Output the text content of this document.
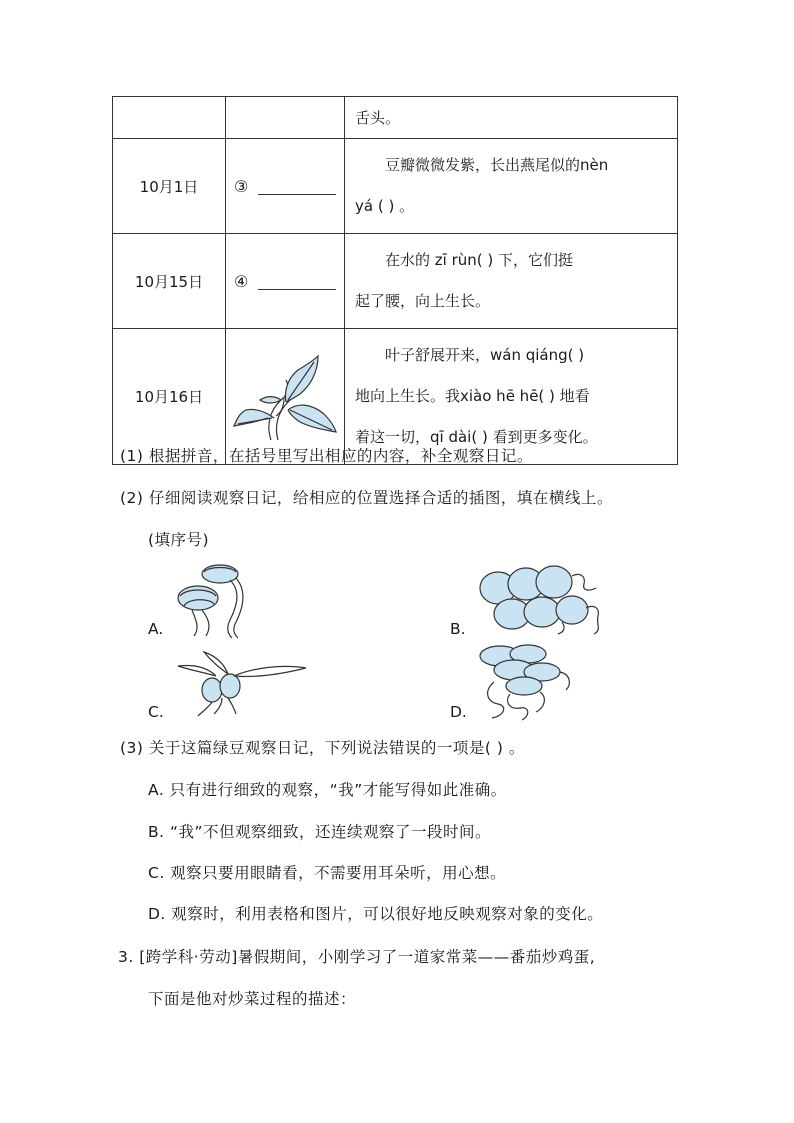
		舌头。
10月1日	③	豆瓣微微发紫，长出燕尾似的nèn
yá ( ) 。
10月15日	④	在水的 zī rùn( ) 下，它们挺
起了腰，向上生长。
10月16日		叶子舒展开来，wán qiáng( )
地向上生长。我xiào hē hē( ) 地看
着这一切，qī dài( ) 看到更多变化。
(1) 根据拼音，在括号里写出相应的内容，补全观察日记。
(2) 仔细阅读观察日记，给相应的位置选择合适的插图，填在横线上。
(填序号)
A.	B.
C.	D.
(3) 关于这篇绿豆观察日记，下列说法错误的一项是( ) 。
A. 只有进行细致的观察，“我”才能写得如此准确。
B. “我”不但观察细致，还连续观察了一段时间。
C. 观察只要用眼睛看，不需要用耳朵听，用心想。
D. 观察时，利用表格和图片，可以很好地反映观察对象的变化。
3. [跨学科·劳动]暑假期间，小刚学习了一道家常菜——番茄炒鸡蛋,
下面是他对炒菜过程的描述：
